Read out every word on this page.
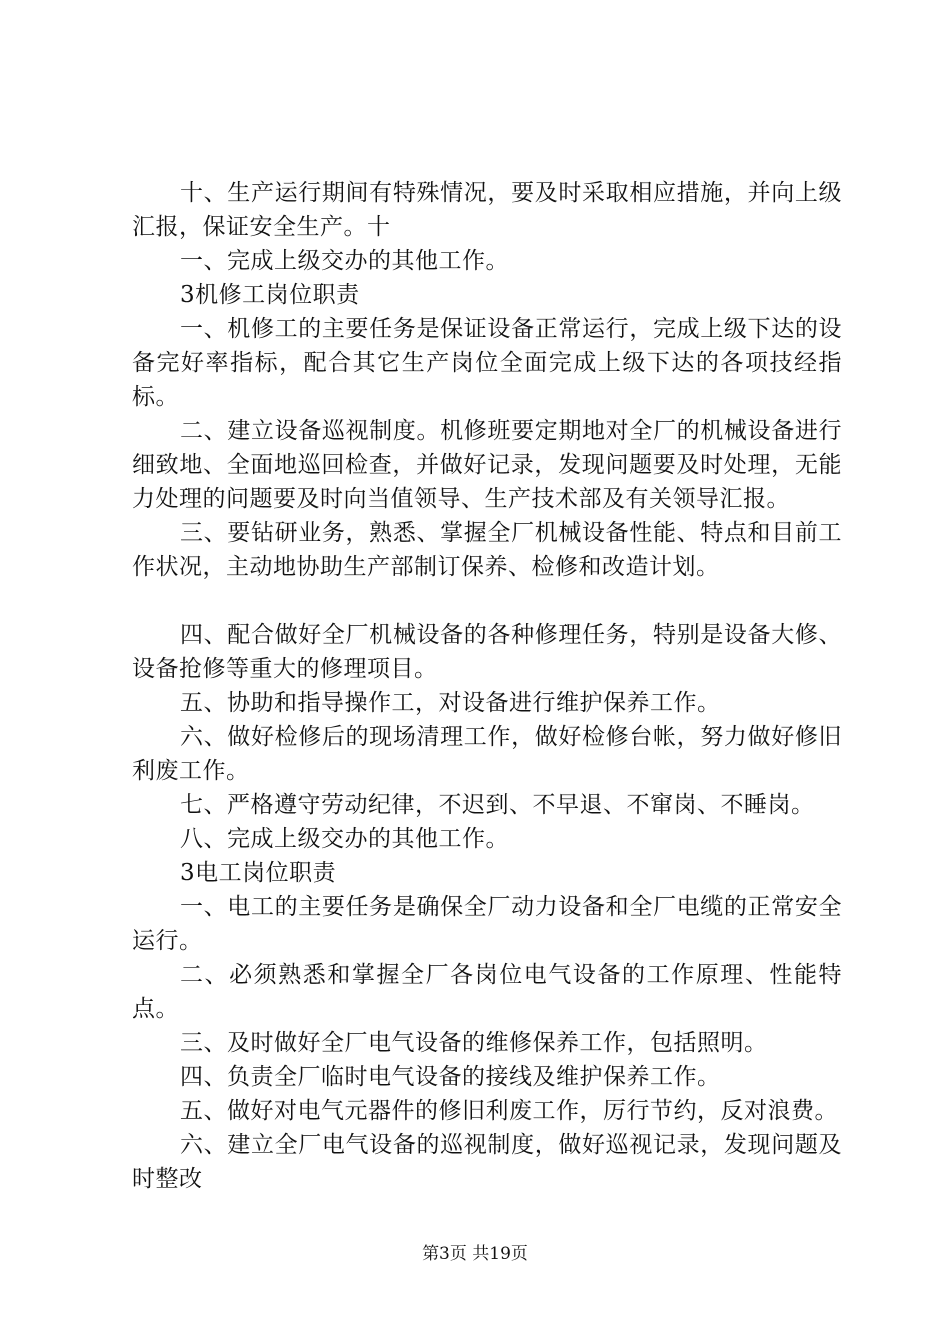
十、生产运行期间有特殊情况，要及时采取相应措施，并向上级汇报，保证安全生产。十

一、完成上级交办的其他工作。

3机修工岗位职责

一、机修工的主要任务是保证设备正常运行，完成上级下达的设备完好率指标，配合其它生产岗位全面完成上级下达的各项技经指标。

二、建立设备巡视制度。机修班要定期地对全厂的机械设备进行细致地、全面地巡回检查，并做好记录，发现问题要及时处理，无能力处理的问题要及时向当值领导、生产技术部及有关领导汇报。

三、要钻研业务，熟悉、掌握全厂机械设备性能、特点和目前工作状况，主动地协助生产部制订保养、检修和改造计划。

四、配合做好全厂机械设备的各种修理任务，特别是设备大修、设备抢修等重大的修理项目。

五、协助和指导操作工，对设备进行维护保养工作。

六、做好检修后的现场清理工作，做好检修台帐，努力做好修旧利废工作。

七、严格遵守劳动纪律，不迟到、不早退、不窜岗、不睡岗。

八、完成上级交办的其他工作。

3电工岗位职责

一、电工的主要任务是确保全厂动力设备和全厂电缆的正常安全运行。

二、必须熟悉和掌握全厂各岗位电气设备的工作原理、性能特点。

三、及时做好全厂电气设备的维修保养工作，包括照明。

四、负责全厂临时电气设备的接线及维护保养工作。

五、做好对电气元器件的修旧利废工作，厉行节约，反对浪费。

六、建立全厂电气设备的巡视制度，做好巡视记录，发现问题及时整改

第3页 共19页
